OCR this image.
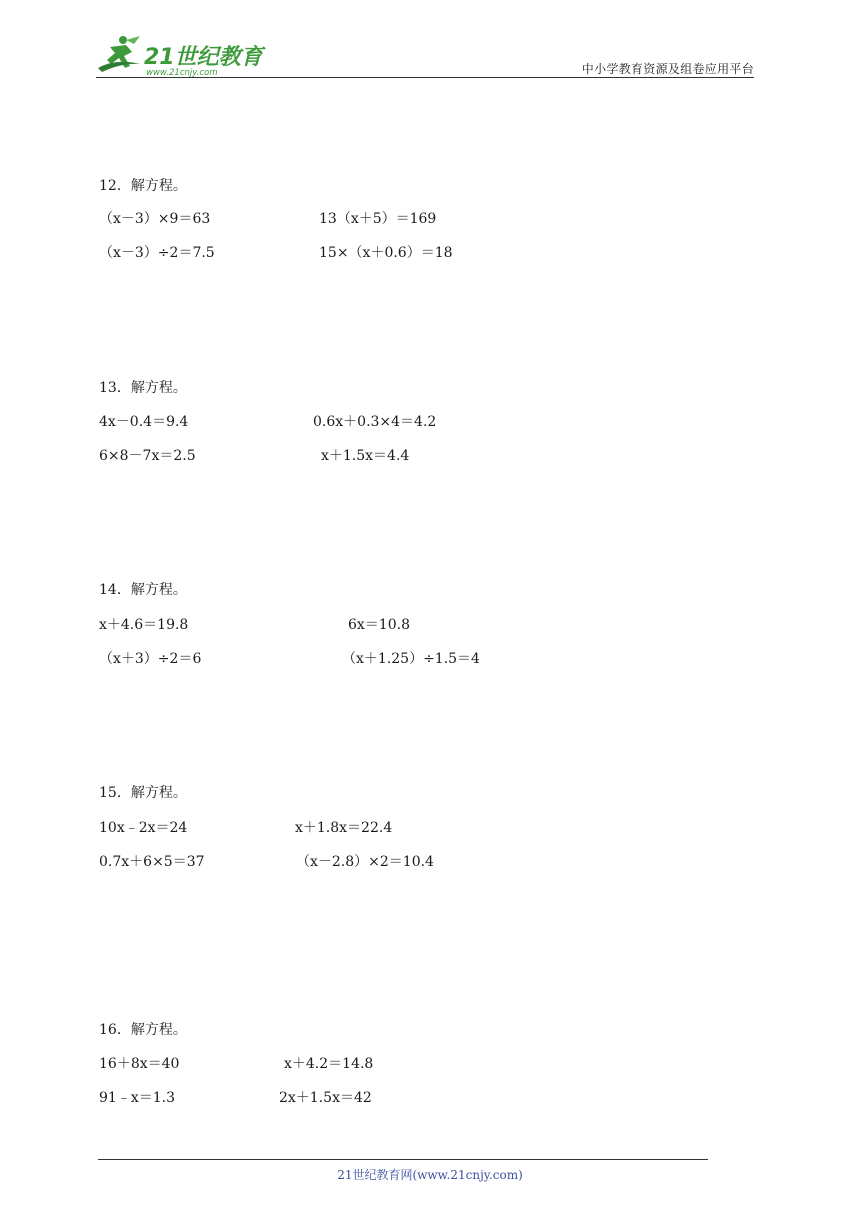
21世纪教育
www.21cnjy.com	中小学教育资源及组卷应用平台
12．解方程。
（x－3）×9＝63	13（x＋5）＝169
（x－3）÷2＝7.5	15×（x＋0.6）＝18
13．解方程。
4x－0.4＝9.4	0.6x＋0.3×4＝4.2
6×8－7x＝2.5	x＋1.5x＝4.4
14．解方程。
x＋4.6＝19.8	6x＝10.8
（x＋3）÷2＝6	（x＋1.25）÷1.5＝4
15．解方程。
10x﹣2x＝24	x＋1.8x＝22.4
0.7x＋6×5＝37	（x－2.8）×2＝10.4
16．解方程。
16＋8x＝40	x＋4.2＝14.8
91﹣x＝1.3	2x＋1.5x＝42
21世纪教育网(www.21cnjy.com)
